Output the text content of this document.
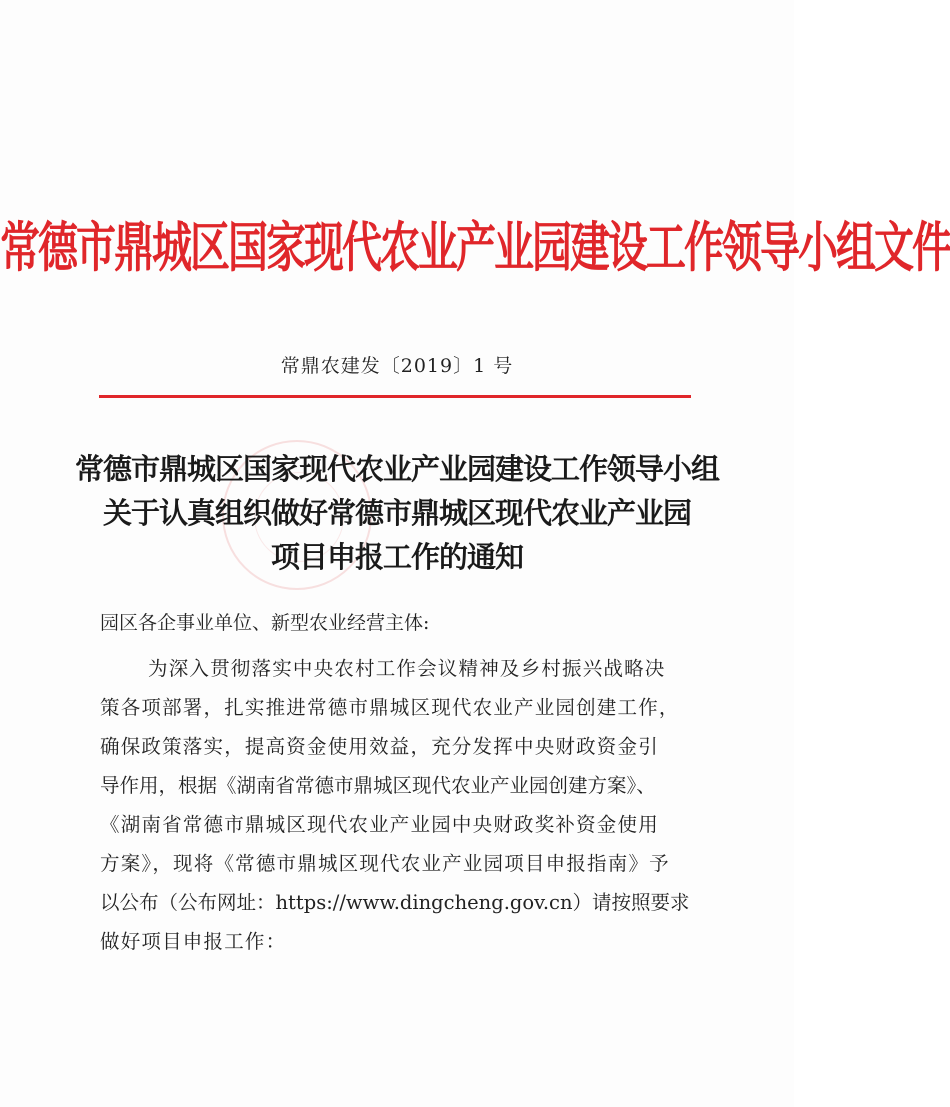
常德市鼎城区国家现代农业产业园建设工作领导小组文件
常鼎农建发〔2019〕1 号
常德市鼎城区国家现代农业产业园建设工作领导小组
关于认真组织做好常德市鼎城区现代农业产业园
项目申报工作的通知
园区各企事业单位、新型农业经营主体:
为深入贯彻落实中央农村工作会议精神及乡村振兴战略决
策各项部署，扎实推进常德市鼎城区现代农业产业园创建工作，
确保政策落实，提高资金使用效益，充分发挥中央财政资金引
导作用，根据《湖南省常德市鼎城区现代农业产业园创建方案》、
《湖南省常德市鼎城区现代农业产业园中央财政奖补资金使用
方案》，现将《常德市鼎城区现代农业产业园项目申报指南》予
以公布（公布网址：https://www.dingcheng.gov.cn）请按照要求
做好项目申报工作：
